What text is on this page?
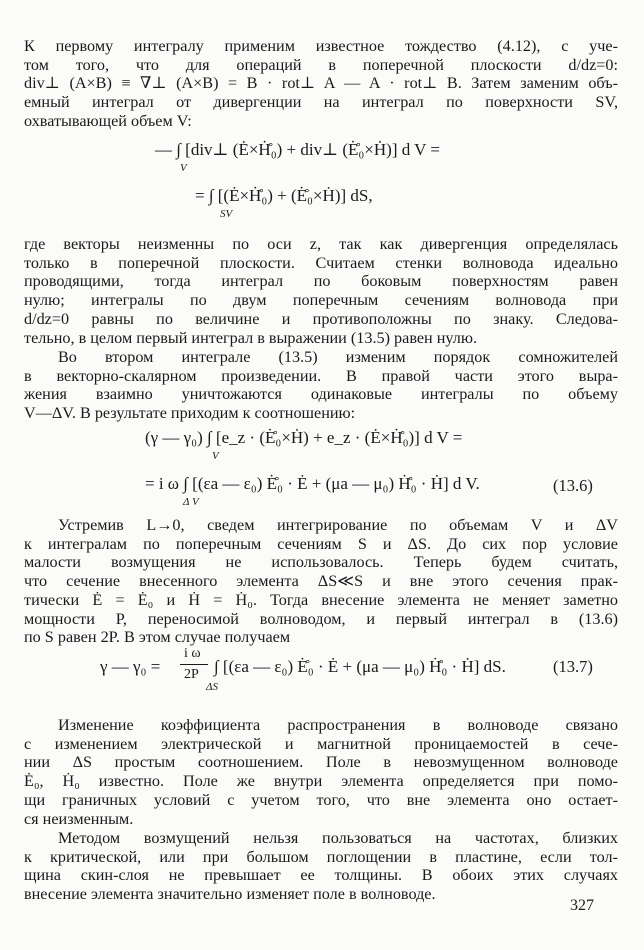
К первому интегралу применим известное тождество (4.12), с уче-
том того, что для операций в поперечной плоскости d/dz=0:
div⊥ (A×B) ≡ ∇⊥ (A×B) = B · rot⊥ A — A · rot⊥ B. Затем заменим объ-
емный интеграл от дивергенции на интеграл по поверхности SV,
охватывающей объем V:
— ∫ [div⊥ (Ė×H̊̇₀) + div⊥ (E̊̇₀×Ḣ)] d V =
V
= ∫ [(Ė×H̊̇₀) + (E̊̇₀×Ḣ)] dS,
SV
где векторы неизменны по оси z, так как дивергенция определялась
только в поперечной плоскости. Считаем стенки волновода идеально
проводящими, тогда интеграл по боковым поверхностям равен
нулю; интегралы по двум поперечным сечениям волновода при
d/dz=0 равны по величине и противоположны по знаку. Следова-
тельно, в целом первый интеграл в выражении (13.5) равен нулю.
Во втором интеграле (13.5) изменим порядок сомножителей
в векторно-скалярном произведении. В правой части этого выра-
жения взаимно уничтожаются одинаковые интегралы по объему
V—ΔV. В результате приходим к соотношению:
(γ — γ₀) ∫ [e_z · (E̊̇₀×Ḣ) + e_z · (Ė×H̊̇₀)] d V =
V
= i ω ∫ [(εa — ε₀) E̊̇₀ · Ė + (μa — μ₀) H̊̇₀ · Ḣ] d V.
Δ V
(13.6)
Устремив L→0, сведем интегрирование по объемам V и ΔV
к интегралам по поперечным сечениям S и ΔS. До сих пор условие
малости возмущения не использовалось. Теперь будем считать,
что сечение внесенного элемента ΔS≪S и вне этого сечения прак-
тически Ė = Ė₀ и Ḣ = Ḣ₀. Тогда внесение элемента не меняет заметно
мощности P, переносимой волноводом, и первый интеграл в (13.6)
по S равен 2P. В этом случае получаем
γ — γ₀ =
i ω
2P ∫ [(εa — ε₀) E̊̇₀ · Ė + (μa — μ₀) H̊̇₀ · Ḣ] dS.
ΔS
(13.7)
Изменение коэффициента распространения в волноводе связано
с изменением электрической и магнитной проницаемостей в сече-
нии ΔS простым соотношением. Поле в невозмущенном волноводе
Ė₀, Ḣ₀ известно. Поле же внутри элемента определяется при помо-
щи граничных условий с учетом того, что вне элемента оно остает-
ся неизменным.
Методом возмущений нельзя пользоваться на частотах, близких
к критической, или при большом поглощении в пластине, если тол-
щина скин-слоя не превышает ее толщины. В обоих этих случаях
внесение элемента значительно изменяет поле в волноводе.
327
